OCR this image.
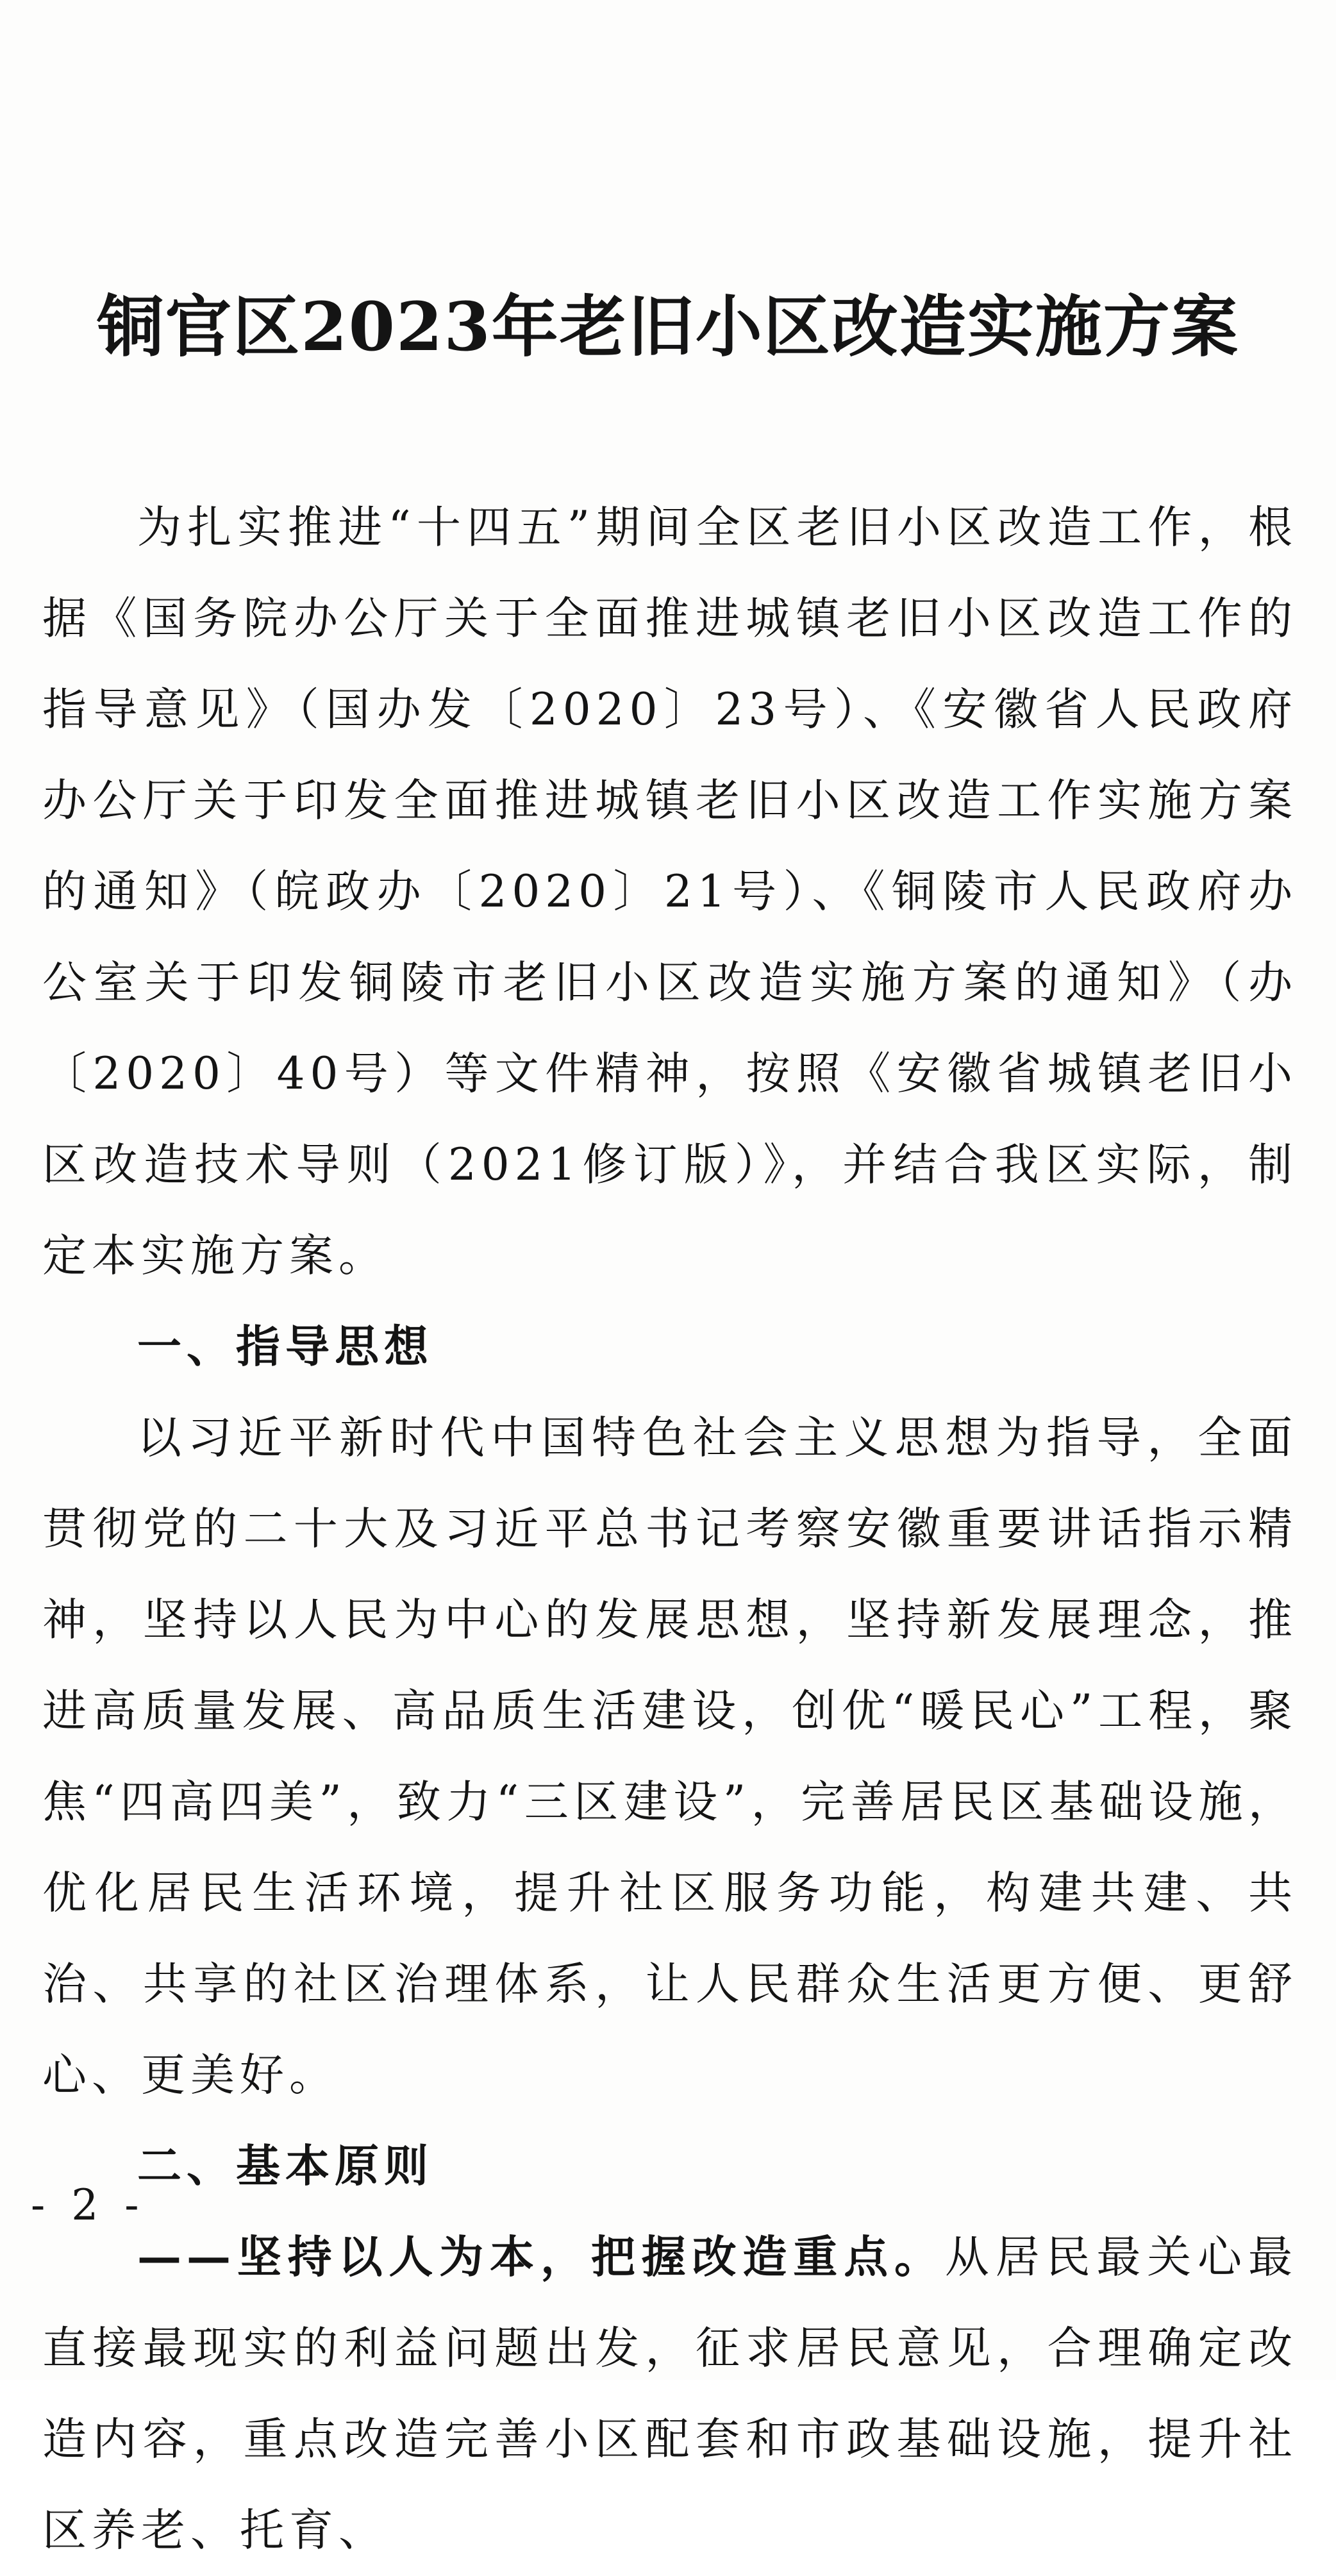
铜官区2023年老旧小区改造实施方案

为扎实推进“十四五”期间全区老旧小区改造工作，根据《国务院办公厅关于全面推进城镇老旧小区改造工作的指导意见》（国办发〔2020〕23号）、《安徽省人民政府办公厅关于印发全面推进城镇老旧小区改造工作实施方案的通知》（皖政办〔2020〕21号）、《铜陵市人民政府办公室关于印发铜陵市老旧小区改造实施方案的通知》（办〔2020〕40号）等文件精神，按照《安徽省城镇老旧小区改造技术导则（2021修订版）》，并结合我区实际，制定本实施方案。

一、指导思想

以习近平新时代中国特色社会主义思想为指导，全面贯彻党的二十大及习近平总书记考察安徽重要讲话指示精神，坚持以人民为中心的发展思想，坚持新发展理念，推进高质量发展、高品质生活建设，创优“暖民心”工程，聚焦“四高四美”，致力“三区建设”，完善居民区基础设施，优化居民生活环境，提升社区服务功能，构建共建、共治、共享的社区治理体系，让人民群众生活更方便、更舒心、更美好。

二、基本原则

——坚持以人为本，把握改造重点。从居民最关心最直接最现实的利益问题出发，征求居民意见，合理确定改造内容，重点改造完善小区配套和市政基础设施，提升社区养老、托育、

- 2 -
